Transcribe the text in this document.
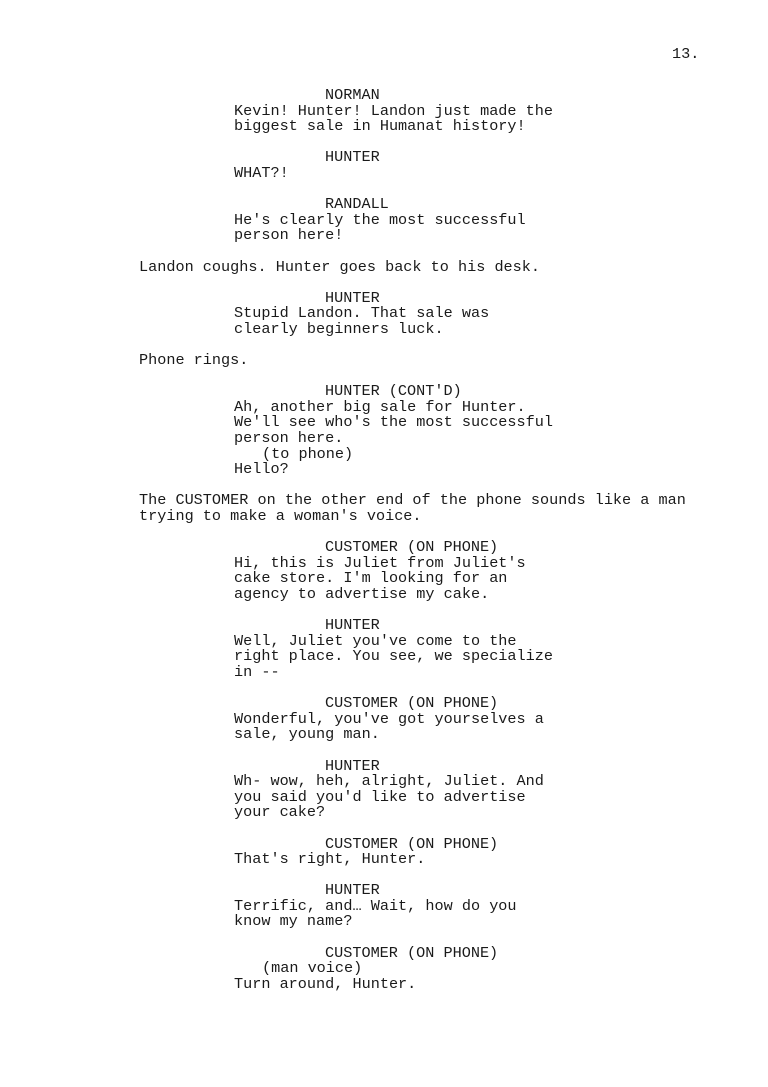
13.
NORMAN
Kevin! Hunter! Landon just made the
biggest sale in Humanat history!
HUNTER
WHAT?!
RANDALL
He's clearly the most successful
person here!
Landon coughs. Hunter goes back to his desk.
HUNTER
Stupid Landon. That sale was
clearly beginners luck.
Phone rings.
HUNTER (CONT'D)
Ah, another big sale for Hunter.
We'll see who's the most successful
person here.
(to phone)
Hello?
The CUSTOMER on the other end of the phone sounds like a man
trying to make a woman's voice.
CUSTOMER (ON PHONE)
Hi, this is Juliet from Juliet's
cake store. I'm looking for an
agency to advertise my cake.
HUNTER
Well, Juliet you've come to the
right place. You see, we specialize
in --
CUSTOMER (ON PHONE)
Wonderful, you've got yourselves a
sale, young man.
HUNTER
Wh- wow, heh, alright, Juliet. And
you said you'd like to advertise
your cake?
CUSTOMER (ON PHONE)
That's right, Hunter.
HUNTER
Terrific, and… Wait, how do you
know my name?
CUSTOMER (ON PHONE)
(man voice)
Turn around, Hunter.
